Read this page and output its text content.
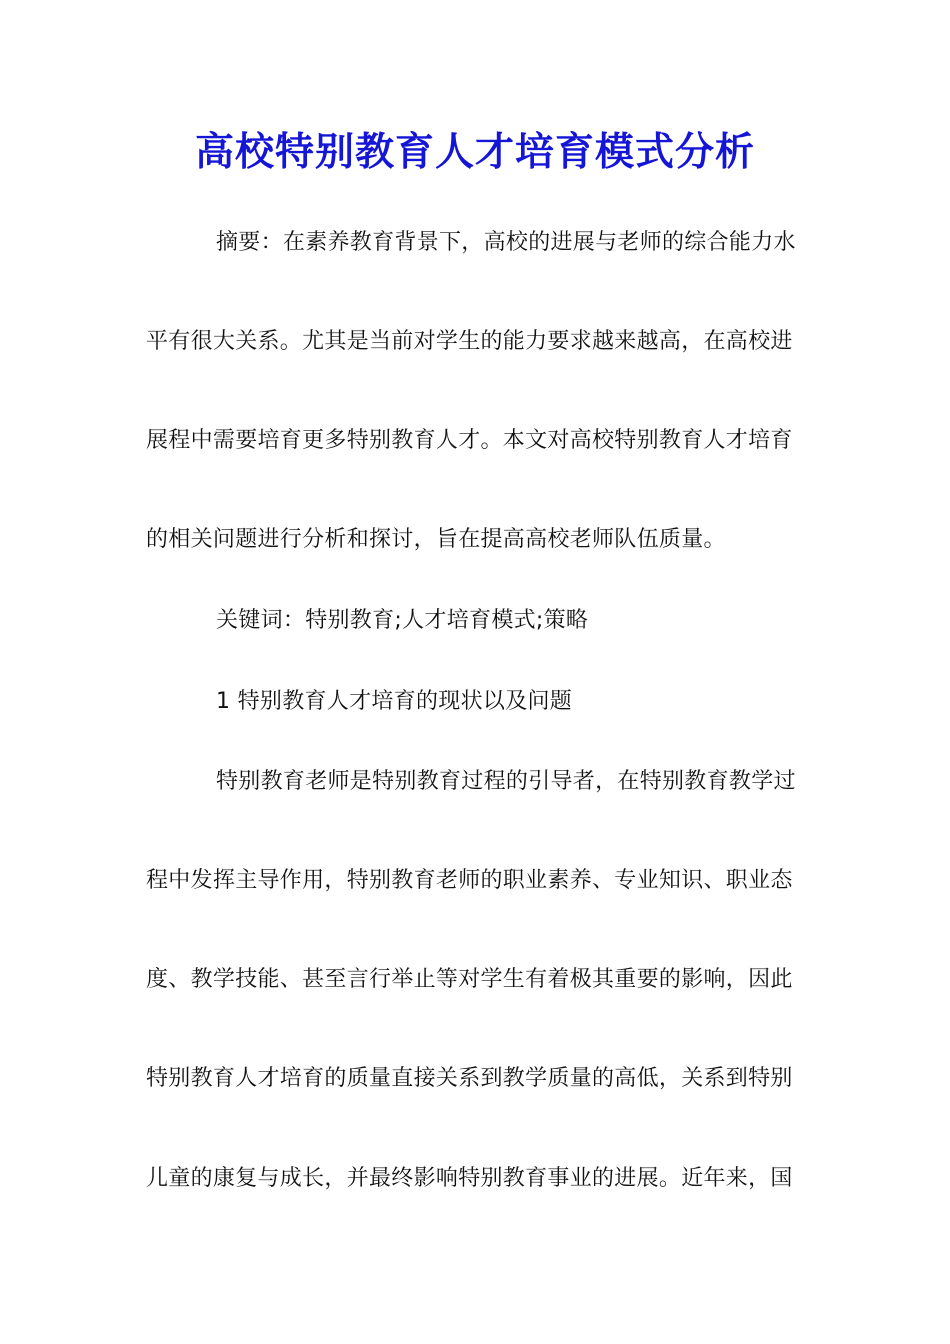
高校特别教育人才培育模式分析
摘要：在素养教育背景下，高校的进展与老师的综合能力水
平有很大关系。尤其是当前对学生的能力要求越来越高，在高校进
展程中需要培育更多特别教育人才。本文对高校特别教育人才培育
的相关问题进行分析和探讨，旨在提高高校老师队伍质量。
关键词：特别教育;人才培育模式;策略
1 特别教育人才培育的现状以及问题
特别教育老师是特别教育过程的引导者，在特别教育教学过
程中发挥主导作用，特别教育老师的职业素养、专业知识、职业态
度、教学技能、甚至言行举止等对学生有着极其重要的影响，因此
特别教育人才培育的质量直接关系到教学质量的高低，关系到特别
儿童的康复与成长，并最终影响特别教育事业的进展。近年来，国
